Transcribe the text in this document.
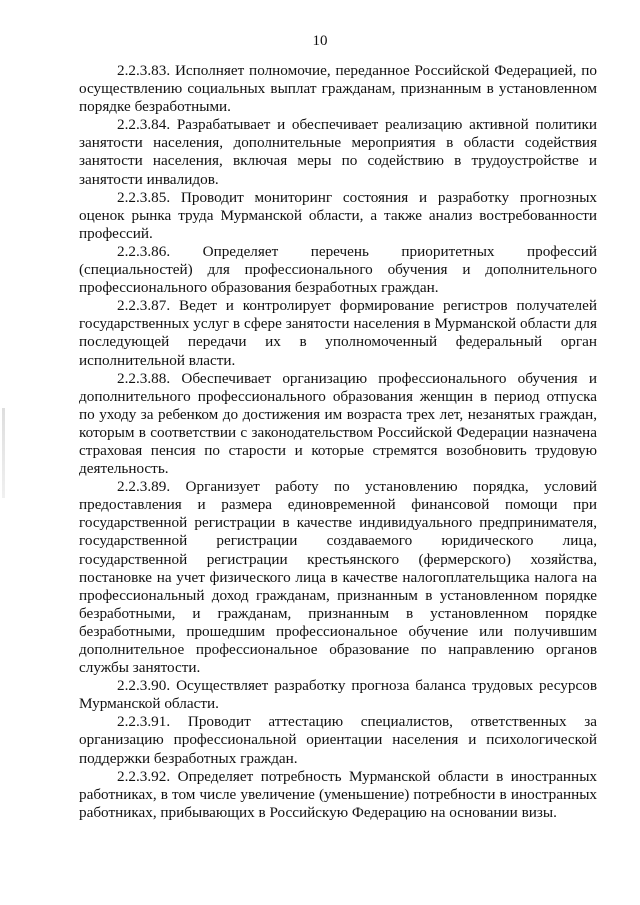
10

2.2.3.83. Исполняет полномочие, переданное Российской Федерацией, по осуществлению социальных выплат гражданам, признанным в установленном порядке безработными.

2.2.3.84. Разрабатывает и обеспечивает реализацию активной политики занятости населения, дополнительные мероприятия в области содействия занятости населения, включая меры по содействию в трудоустройстве и занятости инвалидов.

2.2.3.85. Проводит мониторинг состояния и разработку прогнозных оценок рынка труда Мурманской области, а также анализ востребованности профессий.

2.2.3.86. Определяет перечень приоритетных профессий (специальностей) для профессионального обучения и дополнительного профессионального образования безработных граждан.

2.2.3.87. Ведет и контролирует формирование регистров получателей государственных услуг в сфере занятости населения в Мурманской области для последующей передачи их в уполномоченный федеральный орган исполнительной власти.

2.2.3.88. Обеспечивает организацию профессионального обучения и дополнительного профессионального образования женщин в период отпуска по уходу за ребенком до достижения им возраста трех лет, незанятых граждан, которым в соответствии с законодательством Российской Федерации назначена страховая пенсия по старости и которые стремятся возобновить трудовую деятельность.

2.2.3.89. Организует работу по установлению порядка, условий предоставления и размера единовременной финансовой помощи при государственной регистрации в качестве индивидуального предпринимателя, государственной регистрации создаваемого юридического лица, государственной регистрации крестьянского (фермерского) хозяйства, постановке на учет физического лица в качестве налогоплательщика налога на профессиональный доход гражданам, признанным в установленном порядке безработными, и гражданам, признанным в установленном порядке безработными, прошедшим профессиональное обучение или получившим дополнительное профессиональное образование по направлению органов службы занятости.

2.2.3.90. Осуществляет разработку прогноза баланса трудовых ресурсов Мурманской области.

2.2.3.91. Проводит аттестацию специалистов, ответственных за организацию профессиональной ориентации населения и психологической поддержки безработных граждан.

2.2.3.92. Определяет потребность Мурманской области в иностранных работниках, в том числе увеличение (уменьшение) потребности в иностранных работниках, прибывающих в Российскую Федерацию на основании визы.
